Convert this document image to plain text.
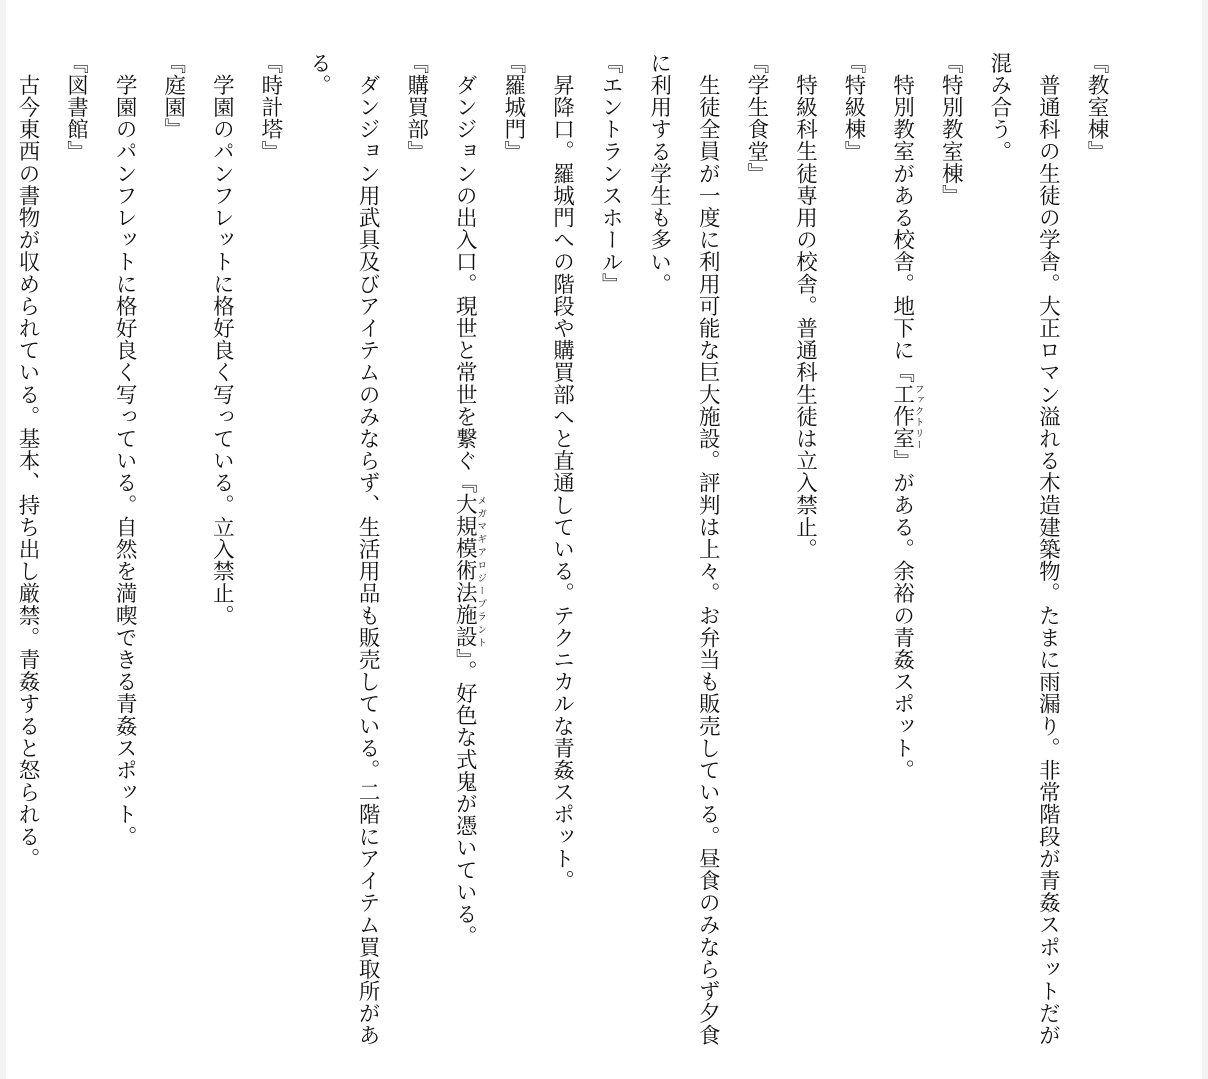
『教室棟』

普通科の生徒の学舎。大正ロマン溢れる木造建築物。たまに雨漏り。非常階段が青姦スポットだが混み合う。

『特別教室棟』

特別教室がある校舎。地下に『工作室ファクトリー』がある。余裕の青姦スポット。

『特級棟』

特級科生徒専用の校舎。普通科生徒は立入禁止。

『学生食堂』

生徒全員が一度に利用可能な巨大施設。評判は上々。お弁当も販売している。昼食のみならず夕食に利用する学生も多い。

『エントランスホール』

昇降口。羅城門への階段や購買部へと直通している。テクニカルな青姦スポット。

『羅城門』

ダンジョンの出入口。現世と常世を繋ぐ『大規模術法施設メガマギアロジープラント』。好色な式鬼が憑いている。

『購買部』

ダンジョン用武具及びアイテムのみならず、生活用品も販売している。二階にアイテム買取所がある。

『時計塔』

学園のパンフレットに格好良く写っている。立入禁止。

『庭園』

学園のパンフレットに格好良く写っている。自然を満喫できる青姦スポット。

『図書館』

古今東西の書物が収められている。基本、持ち出し厳禁。青姦すると怒られる。
